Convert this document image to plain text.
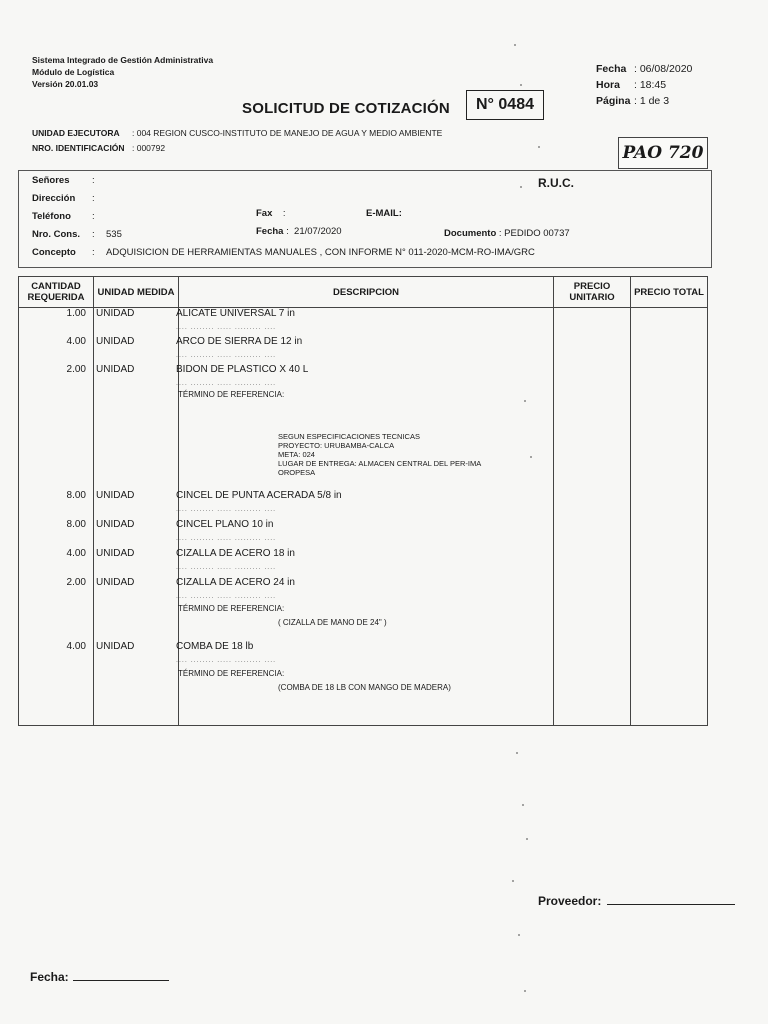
Sistema Integrado de Gestión Administrativa
Módulo de Logística
Versión 20.01.03
Fecha : 06/08/2020
Hora : 18:45
Página : 1 de 3
SOLICITUD DE COTIZACIÓN	N° 0484
UNIDAD EJECUTORA : 004 REGION CUSCO-INSTITUTO DE MANEJO DE AGUA Y MEDIO AMBIENTE
NRO. IDENTIFICACIÓN : 000792	PAO 720
Señores :
Dirección :
Teléfono :
Nro. Cons. : 535
Concepto : ADQUISICION DE HERRAMIENTAS MANUALES , CON INFORME N° 011-2020-MCM-RO-IMA/GRC
R.U.C.
Fax    :	E-MAIL:
Fecha :  21/07/2020	Documento : PEDIDO 00737
CANTIDAD REQUERIDA	UNIDAD MEDIDA	DESCRIPCION	PRECIO UNITARIO	PRECIO TOTAL

1.00 UNIDAD	ALICATE UNIVERSAL 7 in
.... ........ ..... ......... ....
4.00 UNIDAD	ARCO DE SIERRA DE 12 in
.... ........ ..... ......... ....
2.00 UNIDAD	BIDON DE PLASTICO X 40 L
.... ........ ..... ......... ....
TÉRMINO DE REFERENCIA:
SEGUN ESPECIFICACIONES TECNICAS
PROYECTO: URUBAMBA-CALCA
META: 024
LUGAR DE ENTREGA: ALMACEN CENTRAL DEL PER-IMA
OROPESA
8.00 UNIDAD	CINCEL DE PUNTA ACERADA 5/8 in
.... ........ ..... ......... ....
8.00 UNIDAD	CINCEL PLANO 10 in
.... ........ ..... ......... ....
4.00 UNIDAD	CIZALLA DE ACERO 18 in
.... ........ ..... ......... ....
2.00 UNIDAD	CIZALLA DE ACERO 24 in
.... ........ ..... ......... ....
TÉRMINO DE REFERENCIA:
( CIZALLA DE MANO DE 24" )
4.00 UNIDAD	COMBA DE 18 lb
.... ........ ..... ......... ....
TÉRMINO DE REFERENCIA:
(COMBA DE 18 LB CON MANGO DE MADERA)
Proveedor:
Fecha:
